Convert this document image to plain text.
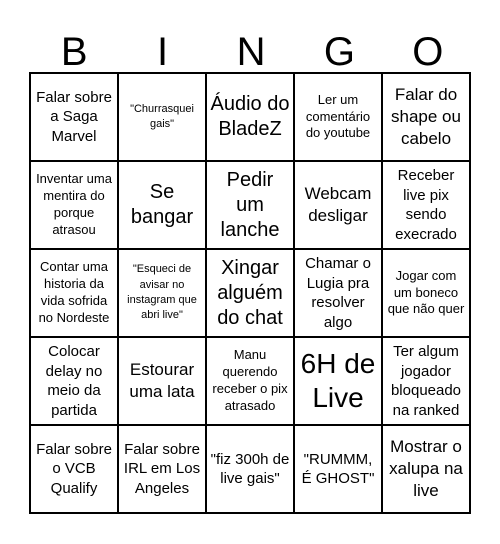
B	I	N	G	O
Falar sobre a Saga Marvel
"Churrasquei gais"
Áudio do BladeZ
Ler um comentário do youtube
Falar do shape ou cabelo
Inventar uma mentira do porque atrasou
Se bangar
Pedir um lanche
Webcam desligar
Receber live pix sendo execrado
Contar uma historia da vida sofrida no Nordeste
"Esqueci de avisar no instagram que abri live"
Xingar alguém do chat
Chamar o Lugia pra resolver algo
Jogar com um boneco que não quer
Colocar delay no meio da partida
Estourar uma lata
Manu querendo receber o pix atrasado
6H de Live
Ter algum jogador bloqueado na ranked
Falar sobre o VCB Qualify
Falar sobre IRL em Los Angeles
"fiz 300h de live gais"
"RUMMM, É GHOST"
Mostrar o xalupa na live
